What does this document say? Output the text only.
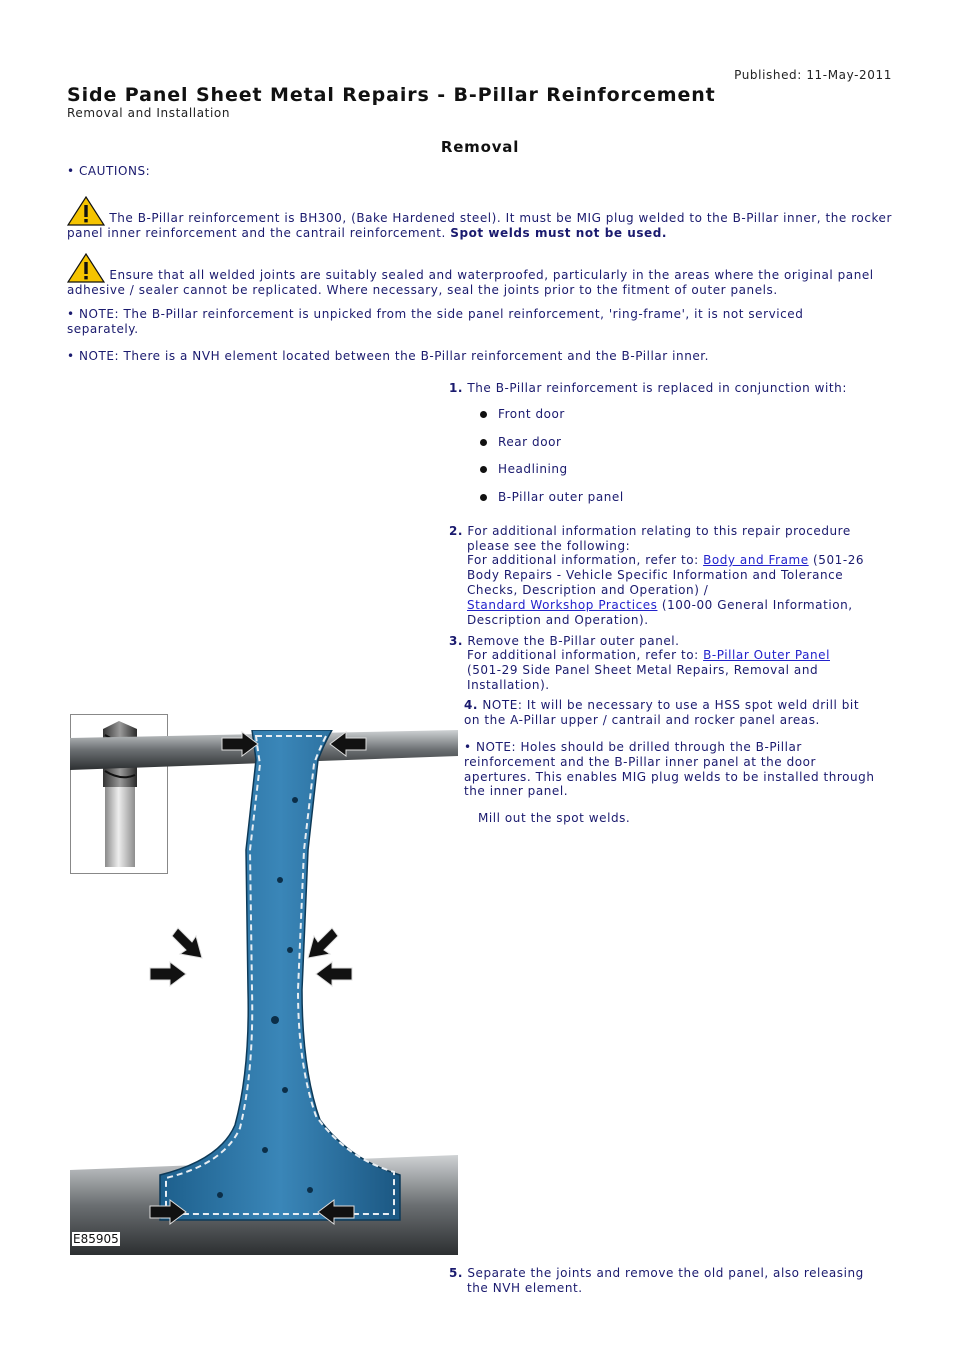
Published: 11-May-2011
Side Panel Sheet Metal Repairs - B-Pillar Reinforcement
Removal and Installation
Removal
• CAUTIONS:
The B-Pillar reinforcement is BH300, (Bake Hardened steel). It must be MIG plug welded to the B-Pillar inner, the rocker panel inner reinforcement and the cantrail reinforcement. Spot welds must not be used.
Ensure that all welded joints are suitably sealed and waterproofed, particularly in the areas where the original panel adhesive / sealer cannot be replicated. Where necessary, seal the joints prior to the fitment of outer panels.
• NOTE: The B-Pillar reinforcement is unpicked from the side panel reinforcement, 'ring-frame', it is not serviced separately.
• NOTE: There is a NVH element located between the B-Pillar reinforcement and the B-Pillar inner.
1. The B-Pillar reinforcement is replaced in conjunction with:
Front door
Rear door
Headlining
B-Pillar outer panel
2. For additional information relating to this repair procedure
please see the following:
For additional information, refer to: Body and Frame (501-26
Body Repairs - Vehicle Specific Information and Tolerance
Checks, Description and Operation) /
Standard Workshop Practices (100-00 General Information,
Description and Operation).
3. Remove the B-Pillar outer panel.
For additional information, refer to: B-Pillar Outer Panel
(501-29 Side Panel Sheet Metal Repairs, Removal and
Installation).
4. NOTE: It will be necessary to use a HSS spot weld drill bit
on the A-Pillar upper / cantrail and rocker panel areas.
• NOTE: Holes should be drilled through the B-Pillar
reinforcement and the B-Pillar inner panel at the door
apertures. This enables MIG plug welds to be installed through
the inner panel.
Mill out the spot welds.
E85905
5. Separate the joints and remove the old panel, also releasing
the NVH element.
